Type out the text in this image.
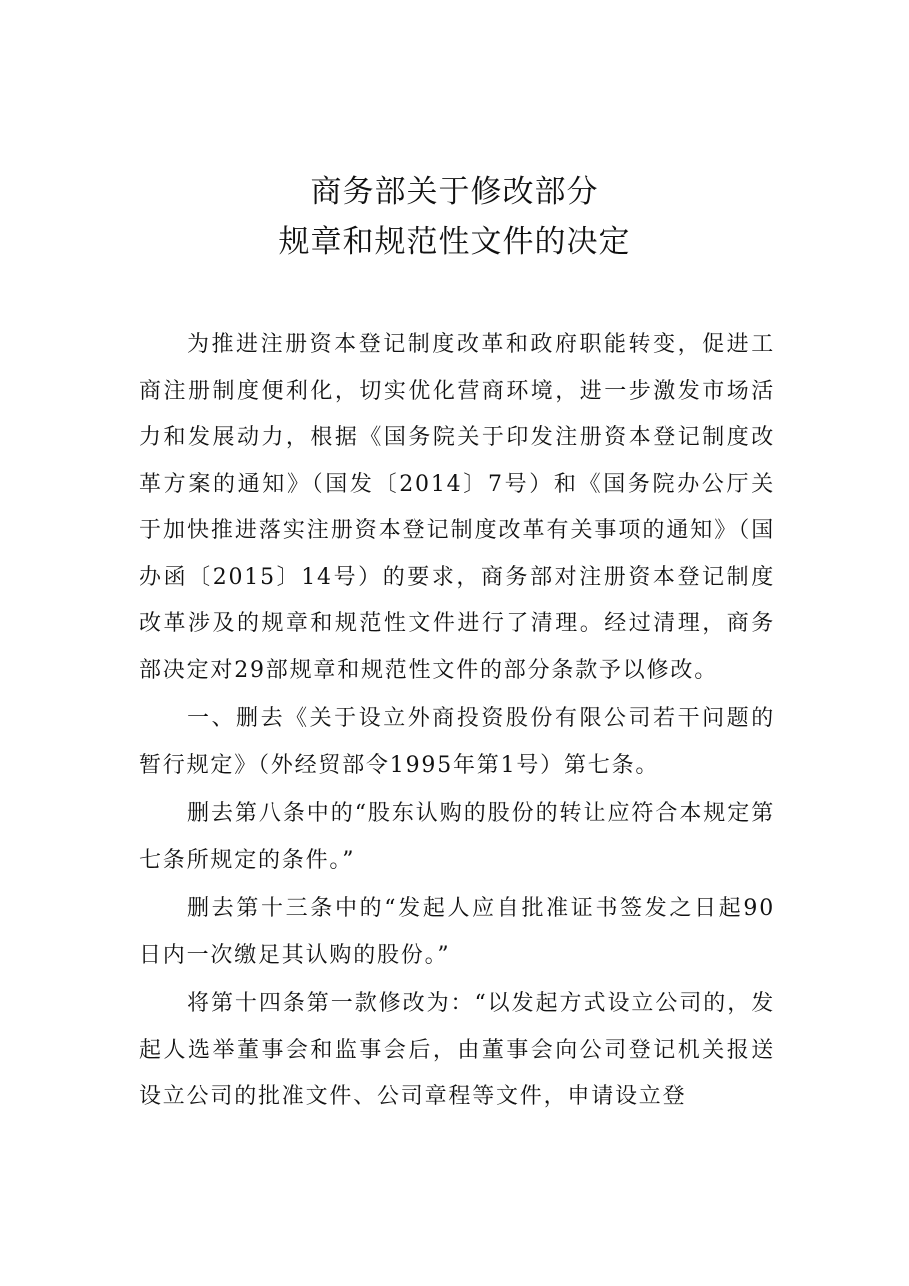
商务部关于修改部分
规章和规范性文件的决定

为推进注册资本登记制度改革和政府职能转变，促进工商注册制度便利化，切实优化营商环境，进一步激发市场活力和发展动力，根据《国务院关于印发注册资本登记制度改革方案的通知》（国发〔2014〕7号）和《国务院办公厅关于加快推进落实注册资本登记制度改革有关事项的通知》（国办函〔2015〕14号）的要求，商务部对注册资本登记制度改革涉及的规章和规范性文件进行了清理。经过清理，商务部决定对29部规章和规范性文件的部分条款予以修改。

一、删去《关于设立外商投资股份有限公司若干问题的暂行规定》（外经贸部令1995年第1号）第七条。

删去第八条中的“股东认购的股份的转让应符合本规定第七条所规定的条件。”

删去第十三条中的“发起人应自批准证书签发之日起90日内一次缴足其认购的股份。”

将第十四条第一款修改为：“以发起方式设立公司的，发起人选举董事会和监事会后，由董事会向公司登记机关报送设立公司的批准文件、公司章程等文件，申请设立登
